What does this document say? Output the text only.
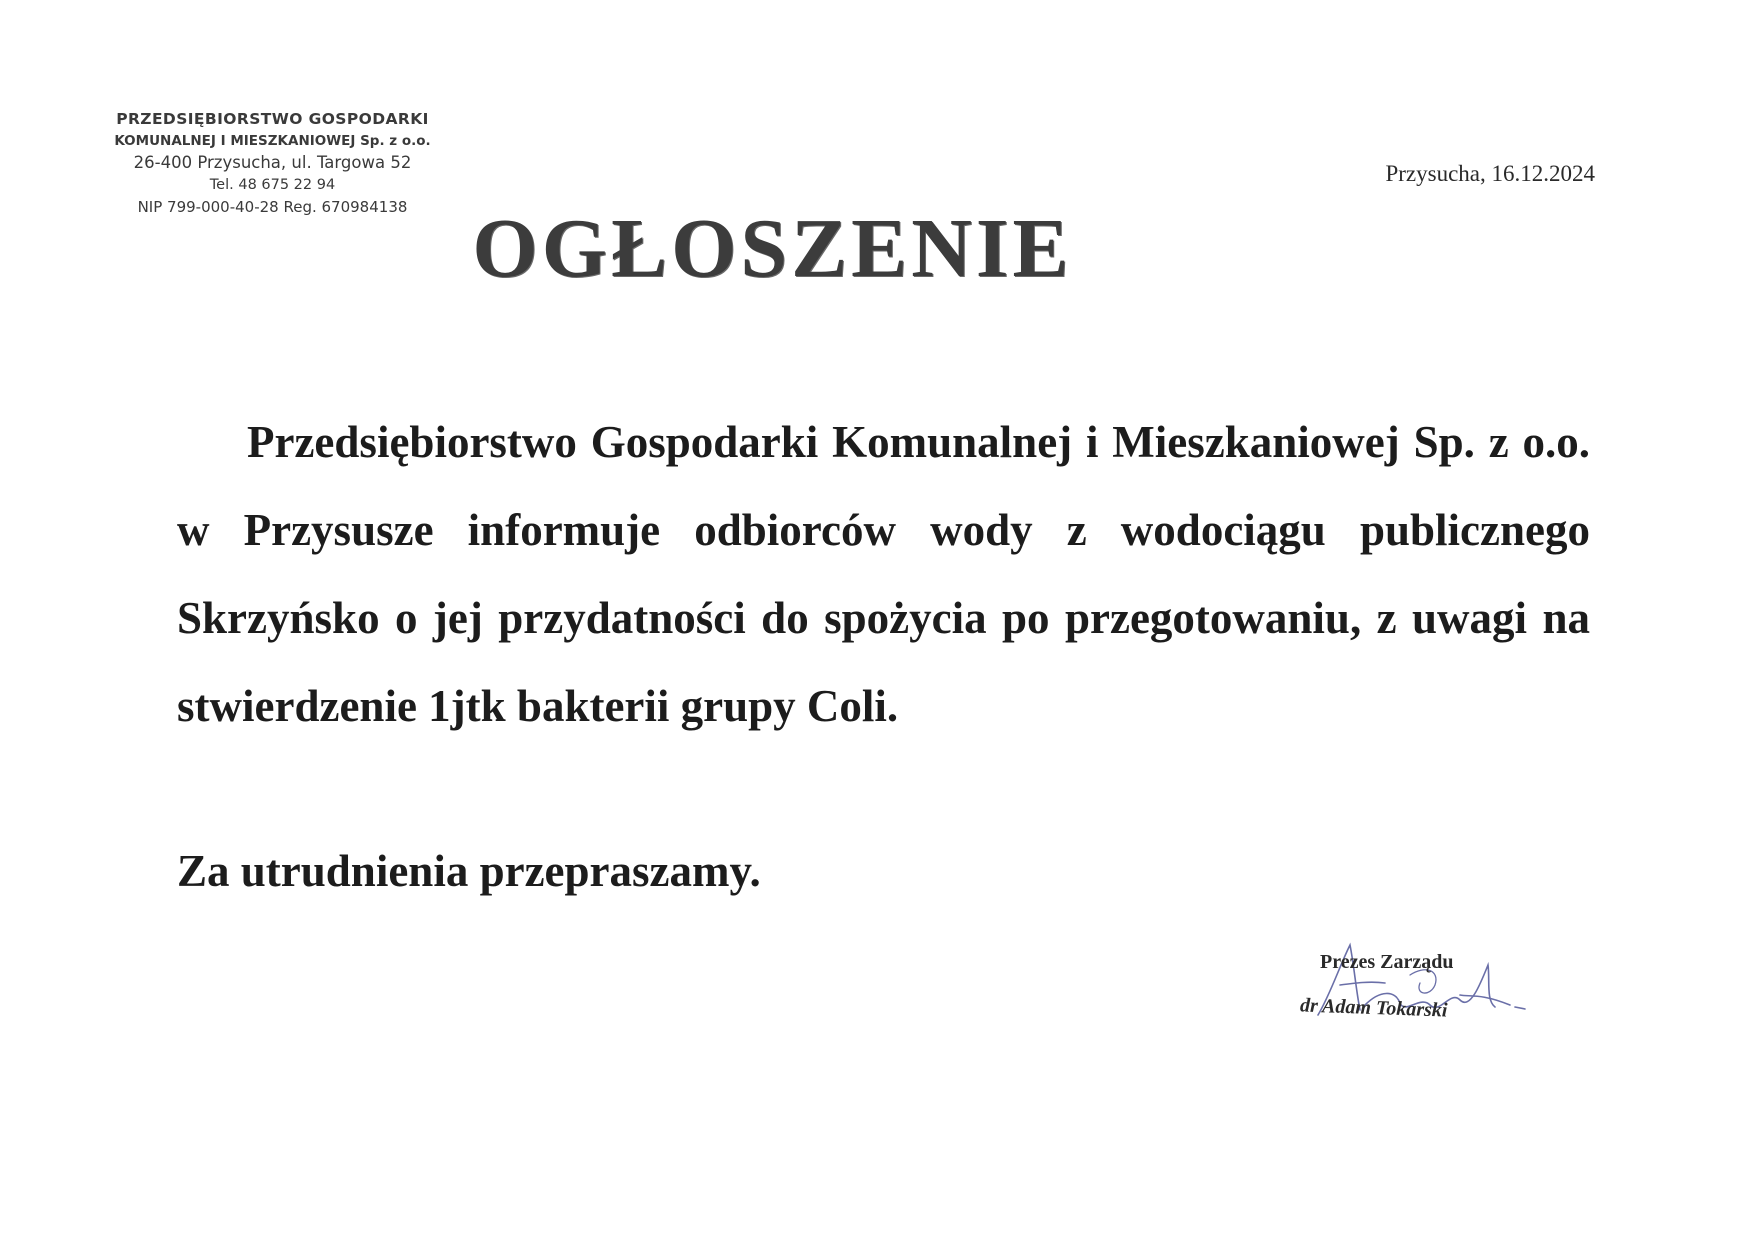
PRZEDSIĘBIORSTWO GOSPODARKI
KOMUNALNEJ I MIESZKANIOWEJ Sp. z o.o.
26-400 Przysucha, ul. Targowa 52
Tel. 48 675 22 94
NIP 799-000-40-28 Reg. 670984138
Przysucha, 16.12.2024
OGŁOSZENIE
Przedsiębiorstwo Gospodarki Komunalnej i Mieszkaniowej Sp. z o.o. w Przysusze informuje odbiorców wody z wodociągu publicznego Skrzyńsko o jej przydatności do spożycia po przegotowaniu, z uwagi na stwierdzenie 1jtk bakterii grupy Coli.
Za utrudnienia przepraszamy.
Prezes Zarządu
dr Adam Tokarski
